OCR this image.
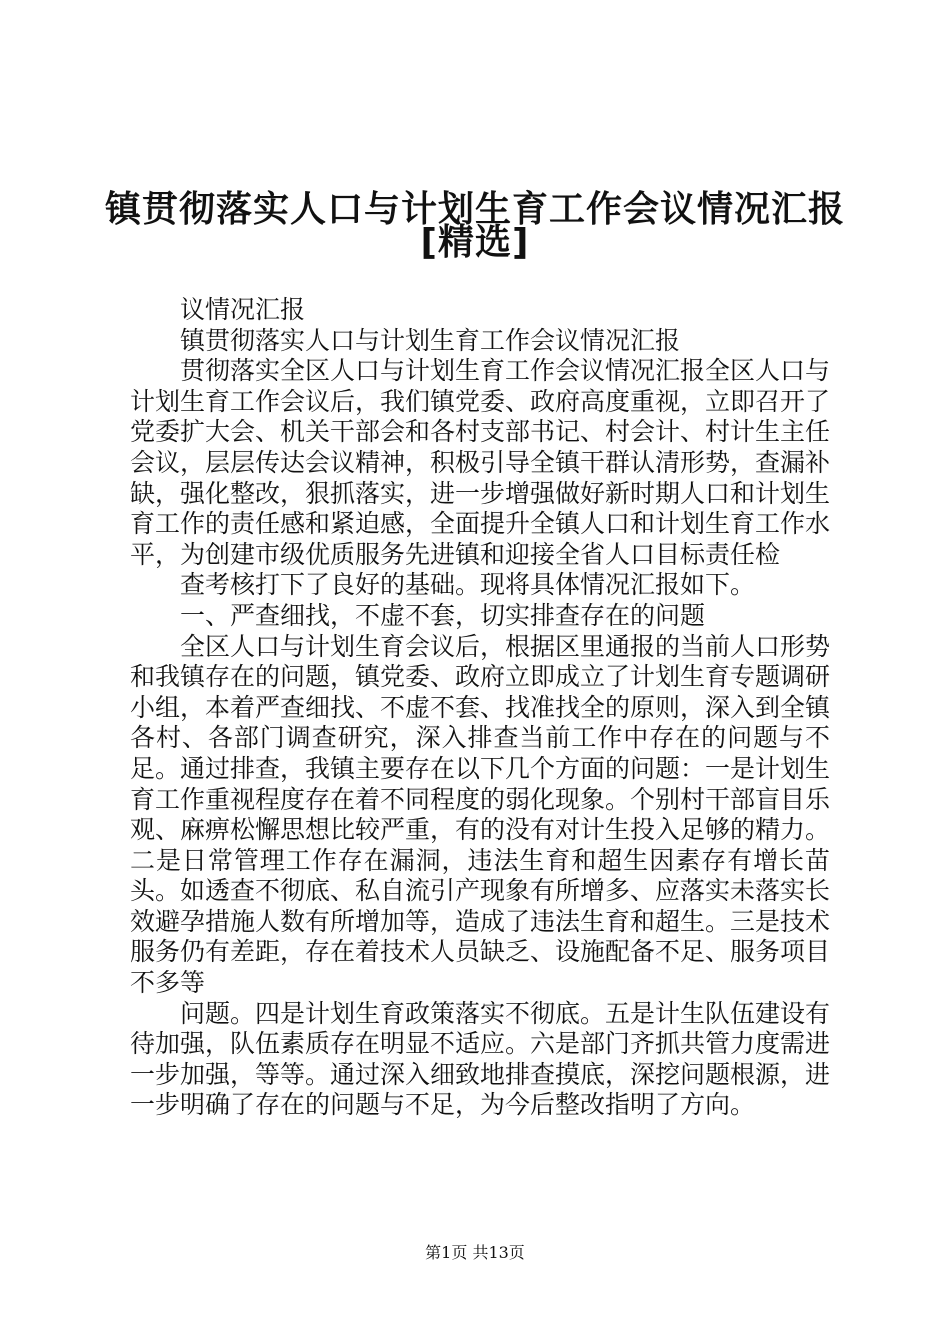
镇贯彻落实人口与计划生育工作会议情况汇报
[精选]

议情况汇报

镇贯彻落实人口与计划生育工作会议情况汇报

贯彻落实全区人口与计划生育工作会议情况汇报全区人口与计划生育工作会议后，我们镇党委、政府高度重视，立即召开了党委扩大会、机关干部会和各村支部书记、村会计、村计生主任会议，层层传达会议精神，积极引导全镇干群认清形势，查漏补缺，强化整改，狠抓落实，进一步增强做好新时期人口和计划生育工作的责任感和紧迫感，全面提升全镇人口和计划生育工作水平，为创建市级优质服务先进镇和迎接全省人口目标责任检

查考核打下了良好的基础。现将具体情况汇报如下。

一、严查细找，不虚不套，切实排查存在的问题

全区人口与计划生育会议后，根据区里通报的当前人口形势和我镇存在的问题，镇党委、政府立即成立了计划生育专题调研小组，本着严查细找、不虚不套、找准找全的原则，深入到全镇各村、各部门调查研究，深入排查当前工作中存在的问题与不足。通过排查，我镇主要存在以下几个方面的问题：一是计划生育工作重视程度存在着不同程度的弱化现象。个别村干部盲目乐观、麻痹松懈思想比较严重，有的没有对计生投入足够的精力。二是日常管理工作存在漏洞，违法生育和超生因素存有增长苗头。如透查不彻底、私自流引产现象有所增多、应落实未落实长效避孕措施人数有所增加等，造成了违法生育和超生。三是技术服务仍有差距，存在着技术人员缺乏、设施配备不足、服务项目不多等

问题。四是计划生育政策落实不彻底。五是计生队伍建设有待加强，队伍素质存在明显不适应。六是部门齐抓共管力度需进一步加强，等等。通过深入细致地排查摸底，深挖问题根源，进一步明确了存在的问题与不足，为今后整改指明了方向。

第1页 共13页
